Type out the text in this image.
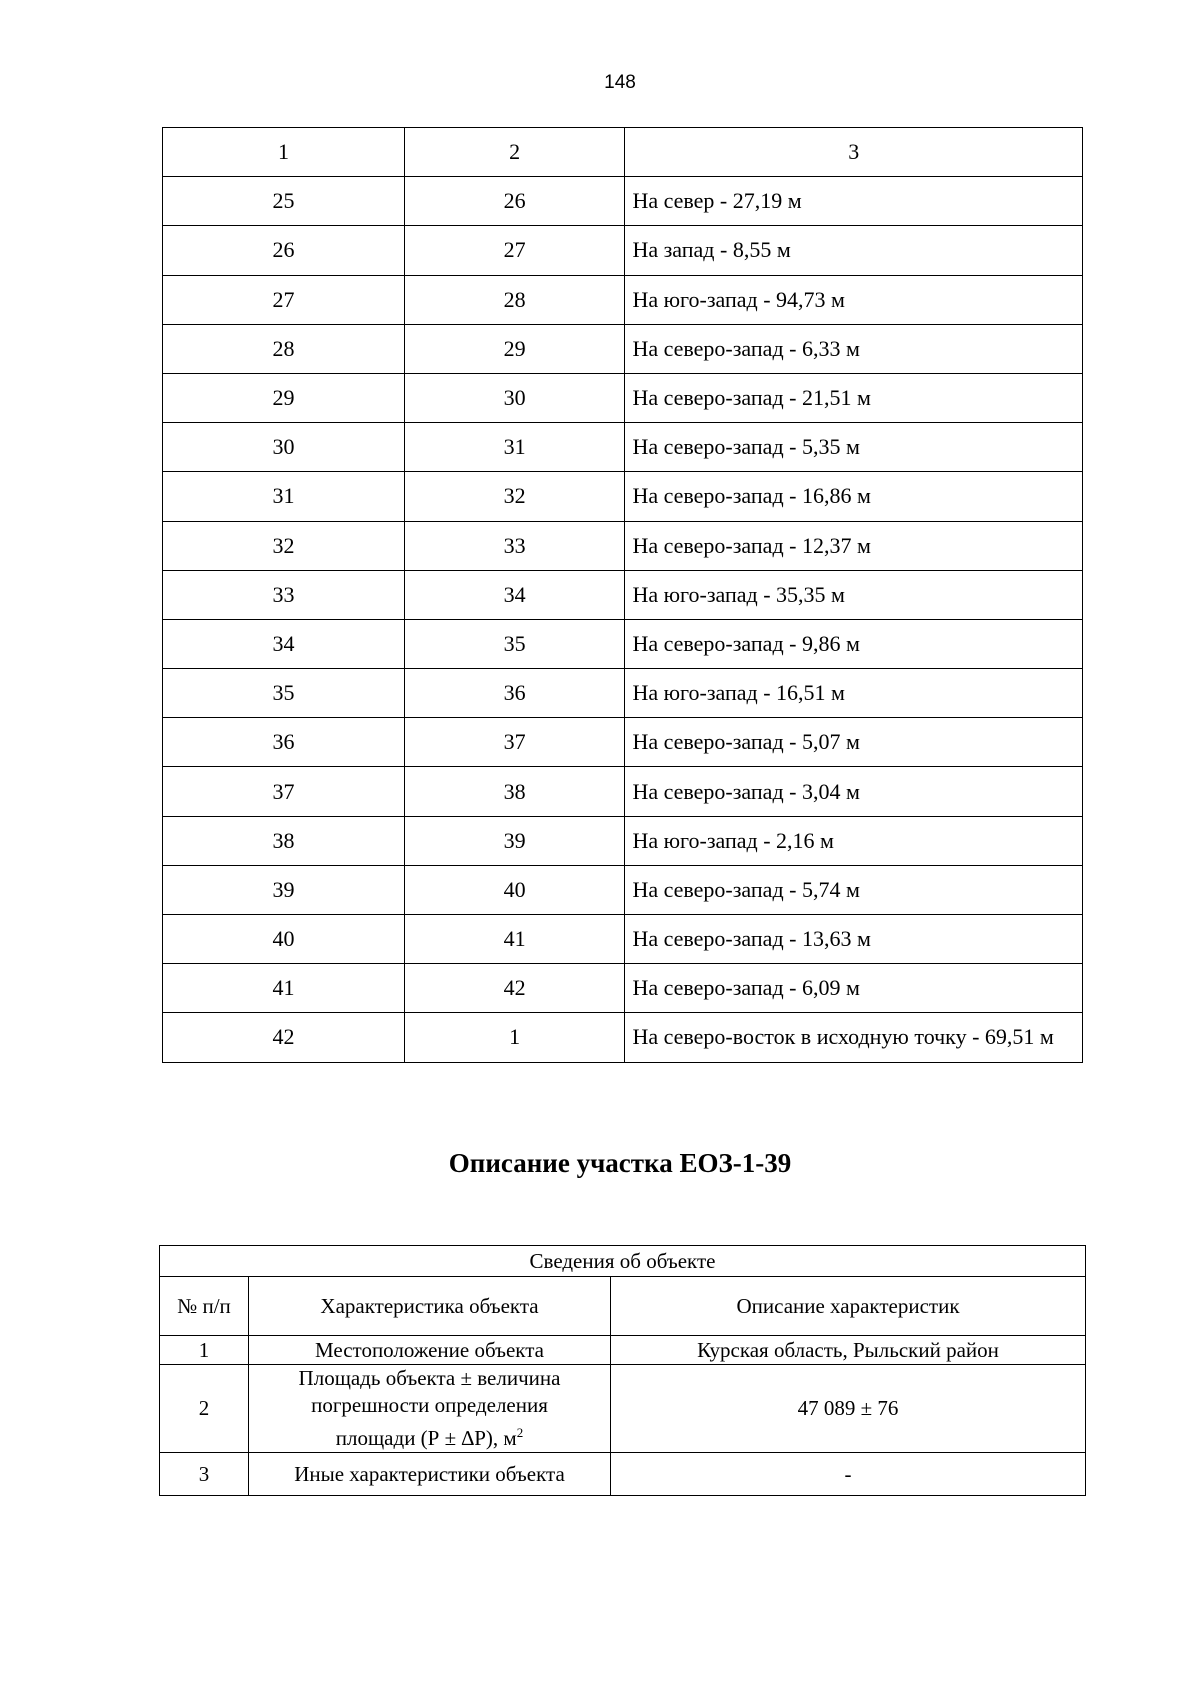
148
1	2	3
25	26	На север - 27,19 м
26	27	На запад - 8,55 м
27	28	На юго-запад - 94,73 м
28	29	На северо-запад - 6,33 м
29	30	На северо-запад - 21,51 м
30	31	На северо-запад - 5,35 м
31	32	На северо-запад - 16,86 м
32	33	На северо-запад - 12,37 м
33	34	На юго-запад - 35,35 м
34	35	На северо-запад - 9,86 м
35	36	На юго-запад - 16,51 м
36	37	На северо-запад - 5,07 м
37	38	На северо-запад - 3,04 м
38	39	На юго-запад - 2,16 м
39	40	На северо-запад - 5,74 м
40	41	На северо-запад - 13,63 м
41	42	На северо-запад - 6,09 м
42	1	На северо-восток в исходную точку - 69,51 м
Описание участка ЕОЗ-1-39
Сведения об объекте		
№ п/п	Характеристика объекта	Описание характеристик
1	Местоположение объекта	Курская область, Рыльский район
2	Площадь объекта ± величина
погрешности определения
площади (Р ± ∆Р), $м^2$	47 089 ± 76
3	Иные характеристики объекта	-
